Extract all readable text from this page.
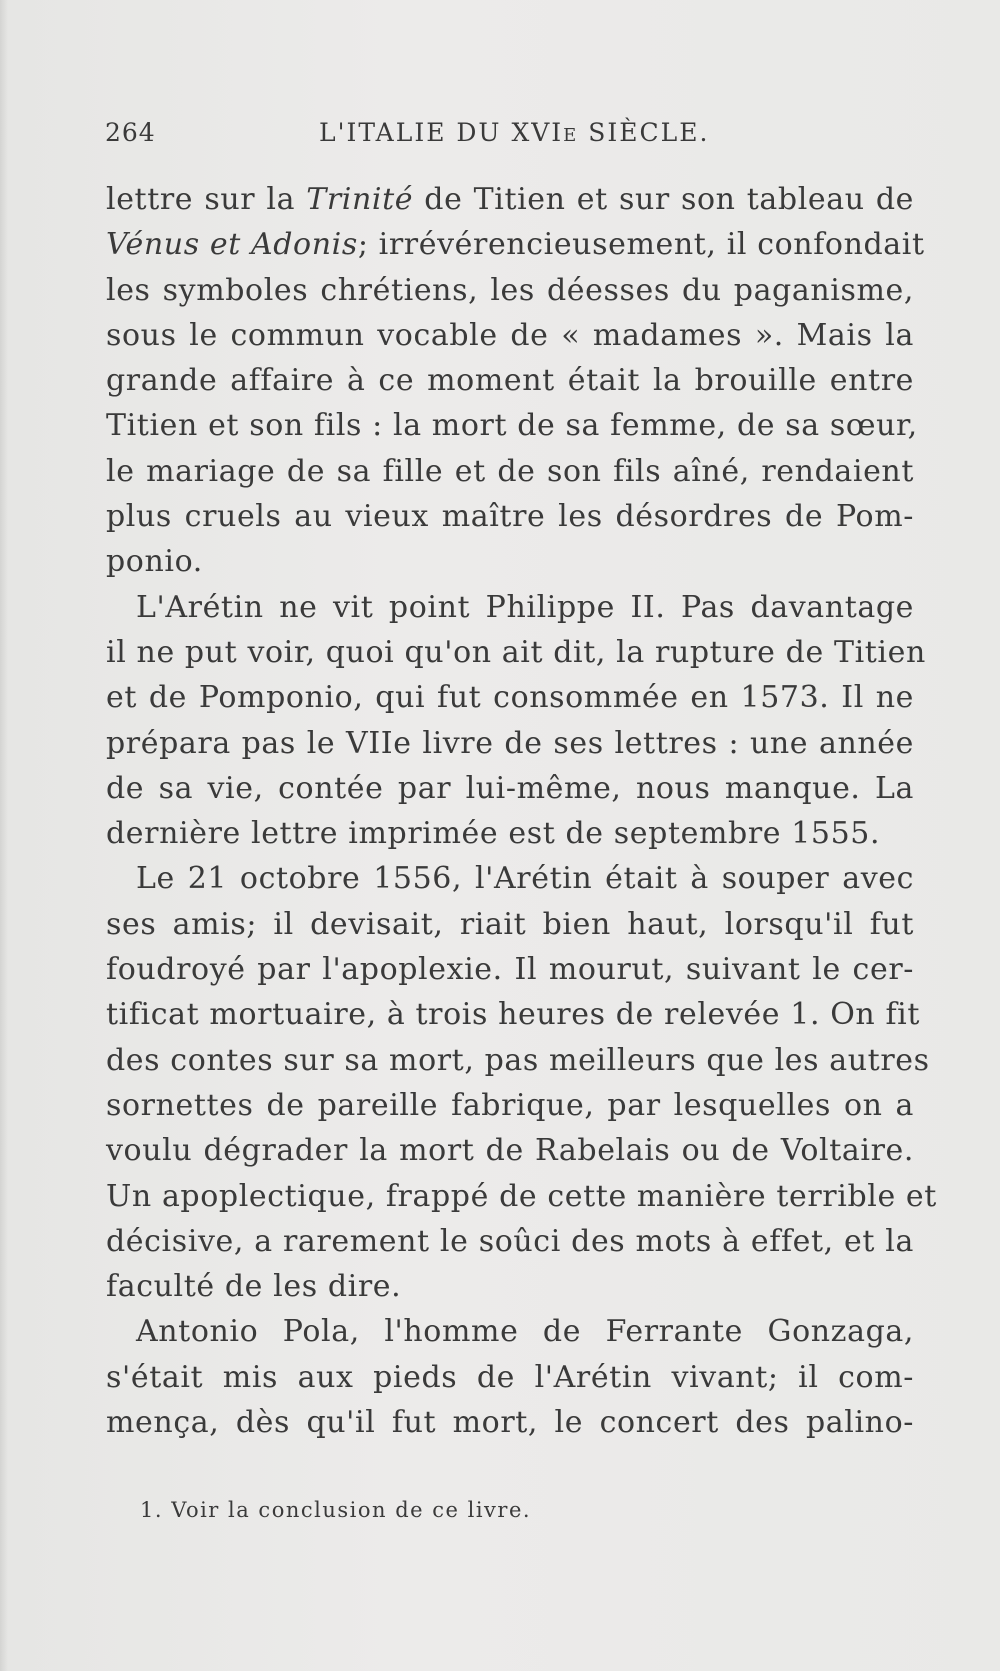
264	L'ITALIE DU XVIe SIÈCLE.
lettre sur la Trinité de Titien et sur son tableau de
Vénus et Adonis; irrévérencieusement, il confondait
les symboles chrétiens, les déesses du paganisme,
sous le commun vocable de « madames ». Mais la
grande affaire à ce moment était la brouille entre
Titien et son fils : la mort de sa femme, de sa sœur,
le mariage de sa fille et de son fils aîné, rendaient
plus cruels au vieux maître les désordres de Pom-
ponio.
L'Arétin ne vit point Philippe II. Pas davantage
il ne put voir, quoi qu'on ait dit, la rupture de Titien
et de Pomponio, qui fut consommée en 1573. Il ne
prépara pas le VIIe livre de ses lettres : une année
de sa vie, contée par lui-même, nous manque. La
dernière lettre imprimée est de septembre 1555.
Le 21 octobre 1556, l'Arétin était à souper avec
ses amis; il devisait, riait bien haut, lorsqu'il fut
foudroyé par l'apoplexie. Il mourut, suivant le cer-
tificat mortuaire, à trois heures de relevée 1. On fit
des contes sur sa mort, pas meilleurs que les autres
sornettes de pareille fabrique, par lesquelles on a
voulu dégrader la mort de Rabelais ou de Voltaire.
Un apoplectique, frappé de cette manière terrible et
décisive, a rarement le soûci des mots à effet, et la
faculté de les dire.
Antonio Pola, l'homme de Ferrante Gonzaga,
s'était mis aux pieds de l'Arétin vivant; il com-
mença, dès qu'il fut mort, le concert des palino-
1. Voir la conclusion de ce livre.
